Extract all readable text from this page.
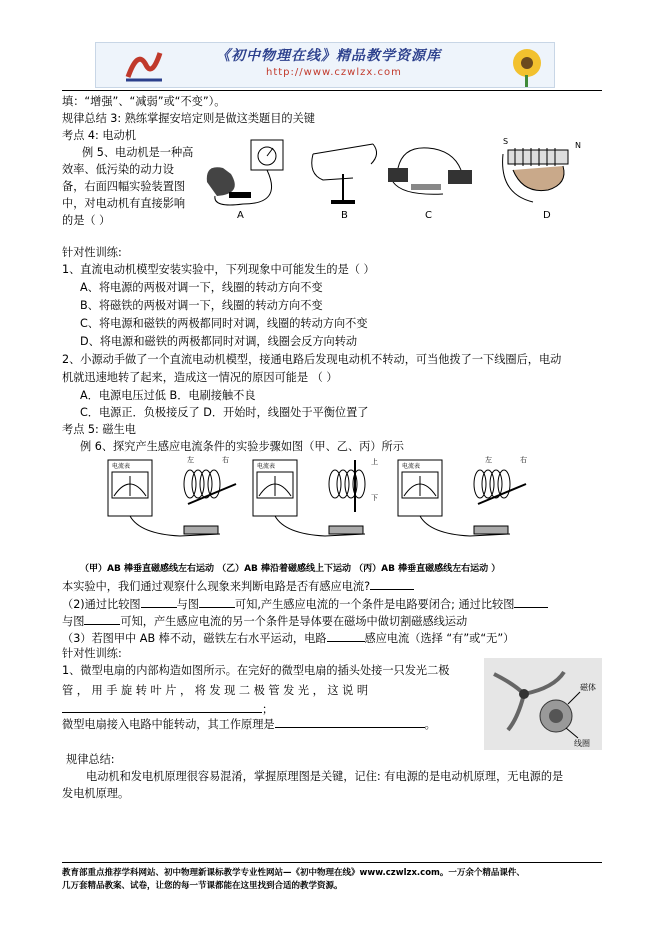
《初中物理在线》精品教学资源库
http://www.czwlzx.com
填：“增强”、“减弱”或“不变”）。
规律总结 3: 熟练掌握安培定则是做这类题目的关键
考点 4: 电动机
例 5、电动机是一种高
效率、低污染的动力设
备，右面四幅实验装置图
中，对电动机有直接影响
的是（ ）
S	N
A	B	C	D
针对性训练:
1、直流电动机模型安装实验中，下列现象中可能发生的是（ ）
A、将电源的两极对调一下，线圈的转动方向不变
B、将磁铁的两极对调一下，线圈的转动方向不变
C、将电源和磁铁的两极都同时对调，线圈的转动方向不变
D、将电源和磁铁的两极都同时对调，线圈会反方向转动
2、小源动手做了一个直流电动机模型，接通电路后发现电动机不转动，可当他拨了一下线圈后，电动
机就迅速地转了起来，造成这一情况的原因可能是 （ ）
A．电源电压过低 B．电刷接触不良
C．电源正．负极接反了 D．开始时，线圈处于平衡位置了
考点 5: 磁生电
例 6、探究产生感应电流条件的实验步骤如图（甲、乙、丙）所示
电流表	电流表
上
下
电流表
左	右
左	右
（甲）AB 棒垂直磁感线左右运动 （乙）AB 棒沿着磁感线上下运动 （丙）AB 棒垂直磁感线左右运动 ）
本实验中，我们通过观察什么现象来判断电路是否有感应电流?
（2)通过比较图	与图	可知,产生感应电流的一个条件是电路要闭合; 通过比较图
与图	可知，产生感应电流的另一个条件是导体要在磁场中做切割磁感线运动
（3）若图甲中 AB 棒不动，磁铁左右水平运动，电路	感应电流（选择 “有”或“无”）
针对性训练:
1、微型电扇的内部构造如图所示。在完好的微型电扇的插头处接一只发光二极
管 ， 用 手 旋 转 叶 片 ， 将 发 现 二 极 管 发 光 ， 这 说 明
；
微型电扇接入电路中能转动，其工作原理是	。
磁体
线圈
规律总结:
电动机和发电机原理很容易混淆，掌握原理图是关键，记住: 有电源的是电动机原理，无电源的是
发电机原理。
教育部重点推荐学科网站、初中物理新课标教学专业性网站—《初中物理在线》www.czwlzx.com。一万余个精品课件、
几万套精品教案、试卷，让您的每一节课都能在这里找到合适的教学资源。
